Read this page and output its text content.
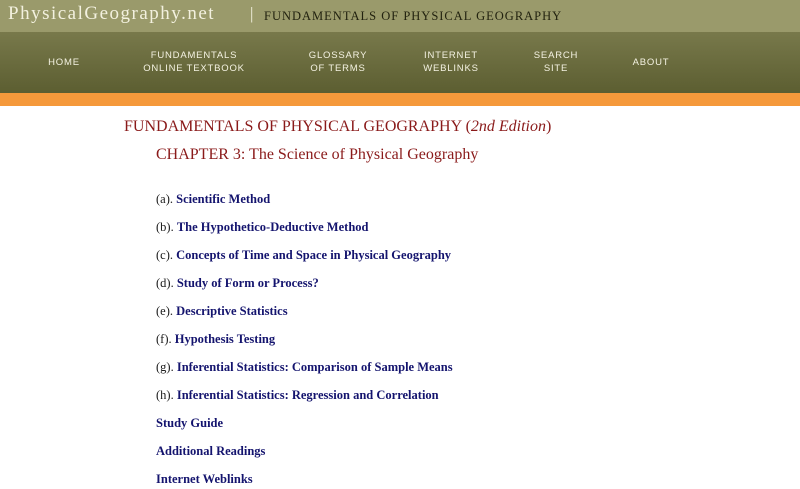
PhysicalGeography.net | FUNDAMENTALS OF PHYSICAL GEOGRAPHY
HOME
FUNDAMENTALS
ONLINE TEXTBOOK
GLOSSARY
OF TERMS
INTERNET
WEBLINKS
SEARCH
SITE
ABOUT
FUNDAMENTALS OF PHYSICAL GEOGRAPHY (2nd Edition)
CHAPTER 3: The Science of Physical Geography
(a). Scientific Method
(b). The Hypothetico-Deductive Method
(c). Concepts of Time and Space in Physical Geography
(d). Study of Form or Process?
(e). Descriptive Statistics
(f). Hypothesis Testing
(g). Inferential Statistics: Comparison of Sample Means
(h). Inferential Statistics: Regression and Correlation
Study Guide
Additional Readings
Internet Weblinks
